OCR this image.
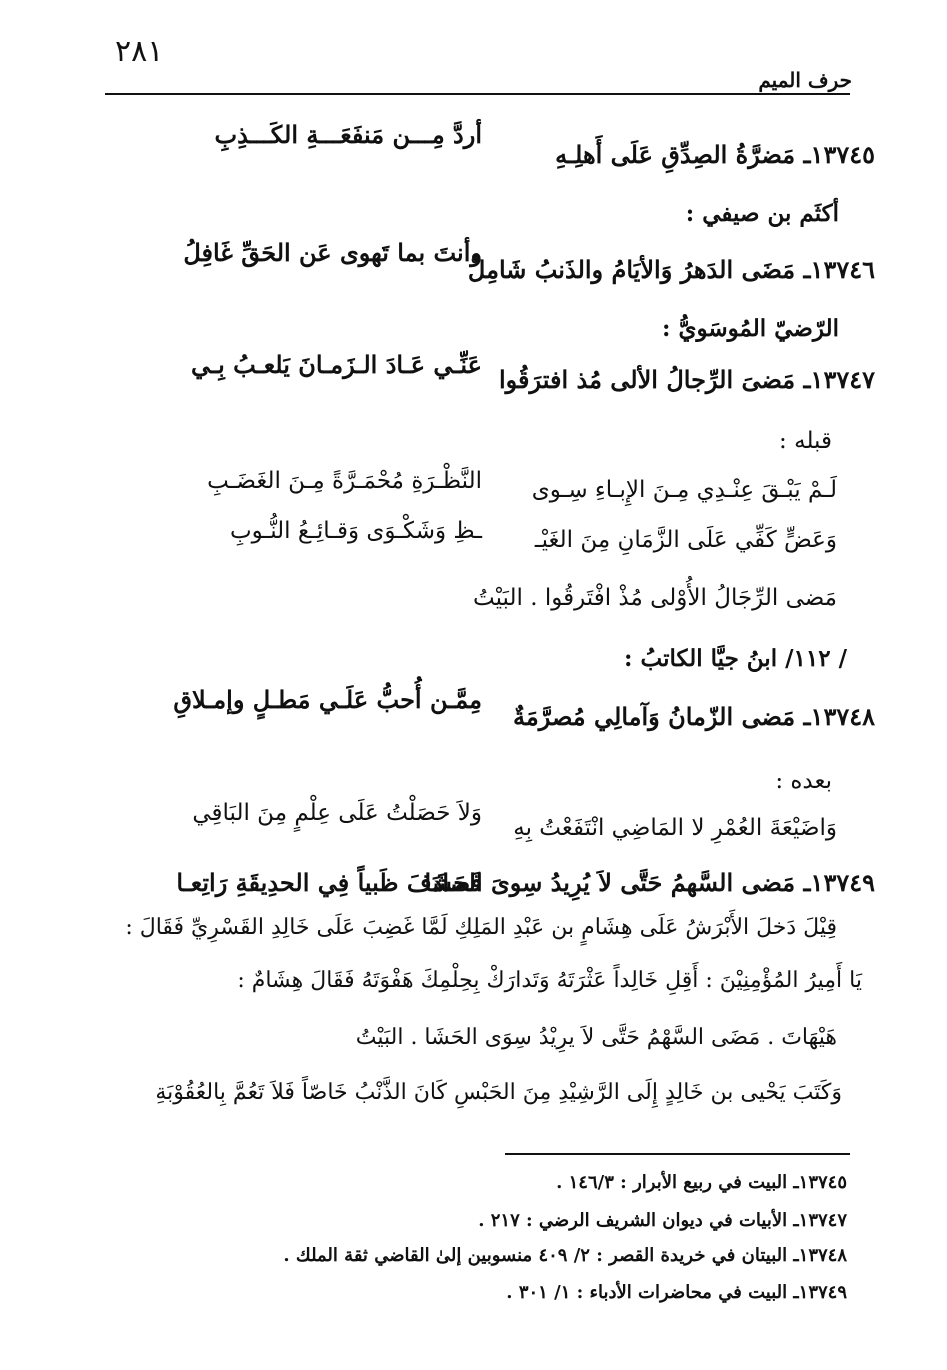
٢٨١
حرف الميم
١٣٧٤٥ـ مَضرَّةُ الصِدِّقِ عَلَى أَهلِـهِ
أردَّ مِـــن مَنفَعَـــةِ الكَـــذِبِ
أكثَم بن صيفي :
١٣٧٤٦ـ مَضَى الدَهرُ وَالأيَامُ والذَنبُ شَامِلٌ
وأنتَ بما تَهوى عَن الحَقِّ غَافِلُ
الرّضيّ المُوسَويُّ :
١٣٧٤٧ـ مَضىَ الرِّجالُ الألى مُذ افترَقُوا
عَنِّـي عَـادَ الـزَمـانَ يَلعـبُ بِـي
قبله :
لَـمْ يَبْـقَ عِنْـدِي مِـنَ الإِبـاءِ سِـوى
النَّظْـرَةِ مُحْمَـرَّةً مِـنَ الغَضَـبِ
وَعَضٍّ كَفِّي عَلَى الزَّمَانِ مِنَ الغَيْـ
ـظِ وَشَكْـوَى وَقـائِـعُ النُّـوبِ
مَضى الرِّجَالُ الأُوْلى مُذْ افْتَرقُوا . البَيْتُ
/ ١١٢/ ابنُ جيَّا الكاتبُ :
١٣٧٤٨ـ مَضى الزّمانُ وَآمالِي مُصرَّمَةٌ
مِمَّـن أُحبُّ عَلَـي مَطـلٍ وإمـلاقِ
بعده :
وَاضَيْعَةَ العُمْرِ لا المَاضِي انْتَفَعْتُ بِهِ
وَلاَ حَصَلْتُ عَلَى عِلْمٍ مِنَ البَاقِي
١٣٧٤٩ـ مَضى السَّهمُ حَتَّى لاَ يُرِيدُ سِوىَ الحَشَا
فَصادَفَ ظَبياً فِي الحدِيقَةِ رَاتِعـا
قِيْلَ دَخلَ الأَبْرَشُ عَلَى هِشَامٍ بن عَبْدِ المَلِكِ لَمَّا غَضِبَ عَلَى خَالِدِ القَسْرِيِّ فَقَالَ :
يَا أَمِيرُ المُؤْمِنِيْنَ : أَقِلِ خَالِداً عَثْرَتَهُ وَتَدارَكْ بِحِلْمِكَ هَفْوَتَهُ فَقَالَ هِشَامٌ :
هَيْهَاتَ . مَضَى السَّهْمُ حَتَّى لاَ يرِيْدُ سِوَى الحَشَا . البَيْتُ
وَكَتَبَ يَحْيى بن خَالِدٍ إِلَى الرَّشِيْدِ مِنَ الحَبْسِ كَانَ الذَّنْبُ خَاصّاً فَلاَ تَعُمَّ بِالعُقُوْبَةِ
١٣٧٤٥ـ البيت في ربيع الأبرار : ١٤٦/٣ .
١٣٧٤٧ـ الأبيات في ديوان الشريف الرضي : ٢١٧ .
١٣٧٤٨ـ البيتان في خريدة القصر : ٢/ ٤٠٩ منسوبين إلىٰ القاضي ثقة الملك .
١٣٧٤٩ـ البيت في محاضرات الأدباء : ١/ ٣٠١ .
